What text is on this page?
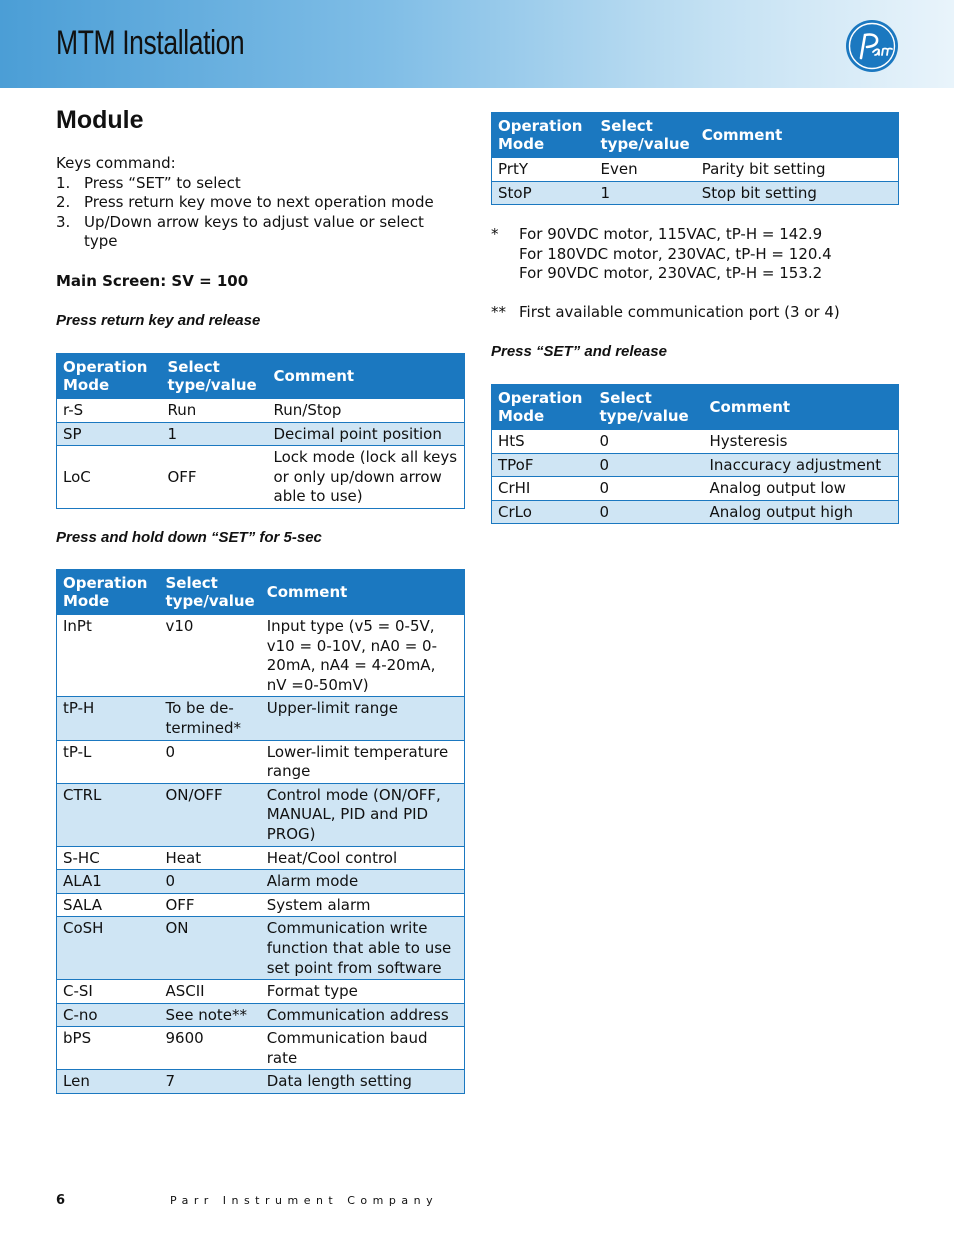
MTM Installation
Module
Keys command:
1. Press “SET” to select
2. Press return key move to next operation mode
3. Up/Down arrow keys to adjust value or select type
Main Screen: SV = 100
Press return key and release
Operation Mode	Select type/value	Comment
r-S	Run	Run/Stop
SP	1	Decimal point position
LoC	OFF	Lock mode (lock all keys or only up/down arrow able to use)
Press and hold down “SET” for 5-sec
Operation Mode	Select type/value	Comment
InPt	v10	Input type (v5 = 0-5V, v10 = 0-10V, nA0 = 0-20mA, nA4 = 4-20mA, nV =0-50mV)
tP-H	To be de-termined*	Upper-limit range
tP-L	0	Lower-limit temperature range
CTRL	ON/OFF	Control mode (ON/OFF, MANUAL, PID and PID PROG)
S-HC	Heat	Heat/Cool control
ALA1	0	Alarm mode
SALA	OFF	System alarm
CoSH	ON	Communication write function that able to use set point from software
C-SI	ASCII	Format type
C-no	See note**	Communication address
bPS	9600	Communication baud rate
Len	7	Data length setting
Operation Mode	Select type/value	Comment
PrtY	Even	Parity bit setting
StoP	1	Stop bit setting
* For 90VDC motor, 115VAC, tP-H = 142.9
For 180VDC motor, 230VAC, tP-H = 120.4
For 90VDC motor, 230VAC, tP-H = 153.2
** First available communication port (3 or 4)
Press “SET” and release
Operation Mode	Select type/value	Comment
HtS	0	Hysteresis
TPoF	0	Inaccuracy adjustment
CrHI	0	Analog output low
CrLo	0	Analog output high
6	Parr Instrument Company
